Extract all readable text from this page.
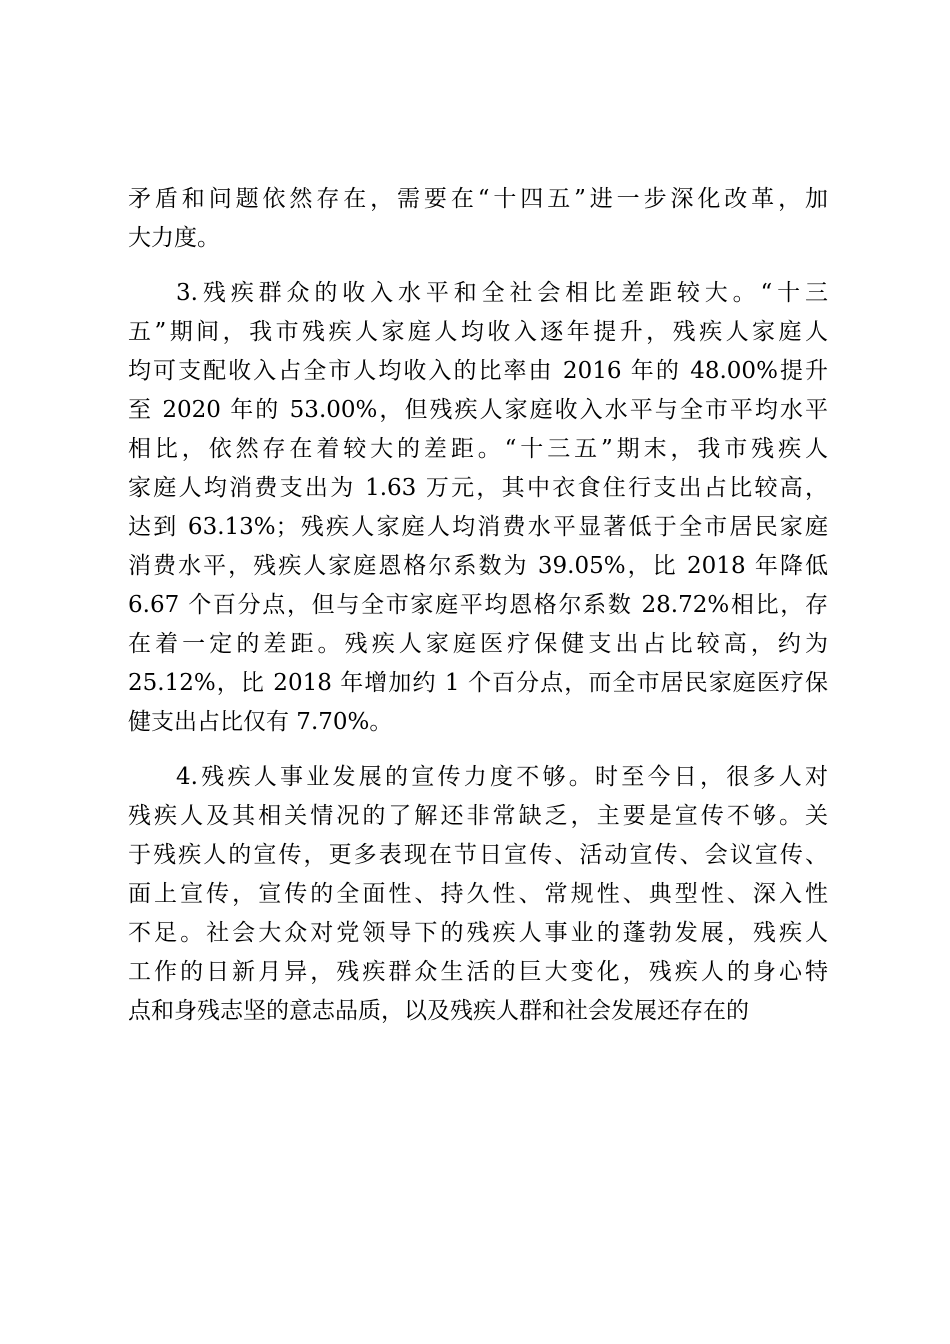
矛盾和问题依然存在，需要在“十四五”进一步深化改革，加
大力度。
3.残疾群众的收入水平和全社会相比差距较大。“十三
五”期间，我市残疾人家庭人均收入逐年提升，残疾人家庭人
均可支配收入占全市人均收入的比率由 2016 年的 48.00%提升
至 2020 年的 53.00%，但残疾人家庭收入水平与全市平均水平
相比，依然存在着较大的差距。“十三五”期末，我市残疾人
家庭人均消费支出为 1.63 万元，其中衣食住行支出占比较高，
达到 63.13%；残疾人家庭人均消费水平显著低于全市居民家庭
消费水平，残疾人家庭恩格尔系数为 39.05%，比 2018 年降低
6.67 个百分点，但与全市家庭平均恩格尔系数 28.72%相比，存
在着一定的差距。残疾人家庭医疗保健支出占比较高，约为
25.12%，比 2018 年增加约 1 个百分点，而全市居民家庭医疗保
健支出占比仅有 7.70%。
4.残疾人事业发展的宣传力度不够。时至今日，很多人对
残疾人及其相关情况的了解还非常缺乏，主要是宣传不够。关
于残疾人的宣传，更多表现在节日宣传、活动宣传、会议宣传、
面上宣传，宣传的全面性、持久性、常规性、典型性、深入性
不足。社会大众对党领导下的残疾人事业的蓬勃发展，残疾人
工作的日新月异，残疾群众生活的巨大变化，残疾人的身心特
点和身残志坚的意志品质，以及残疾人群和社会发展还存在的
